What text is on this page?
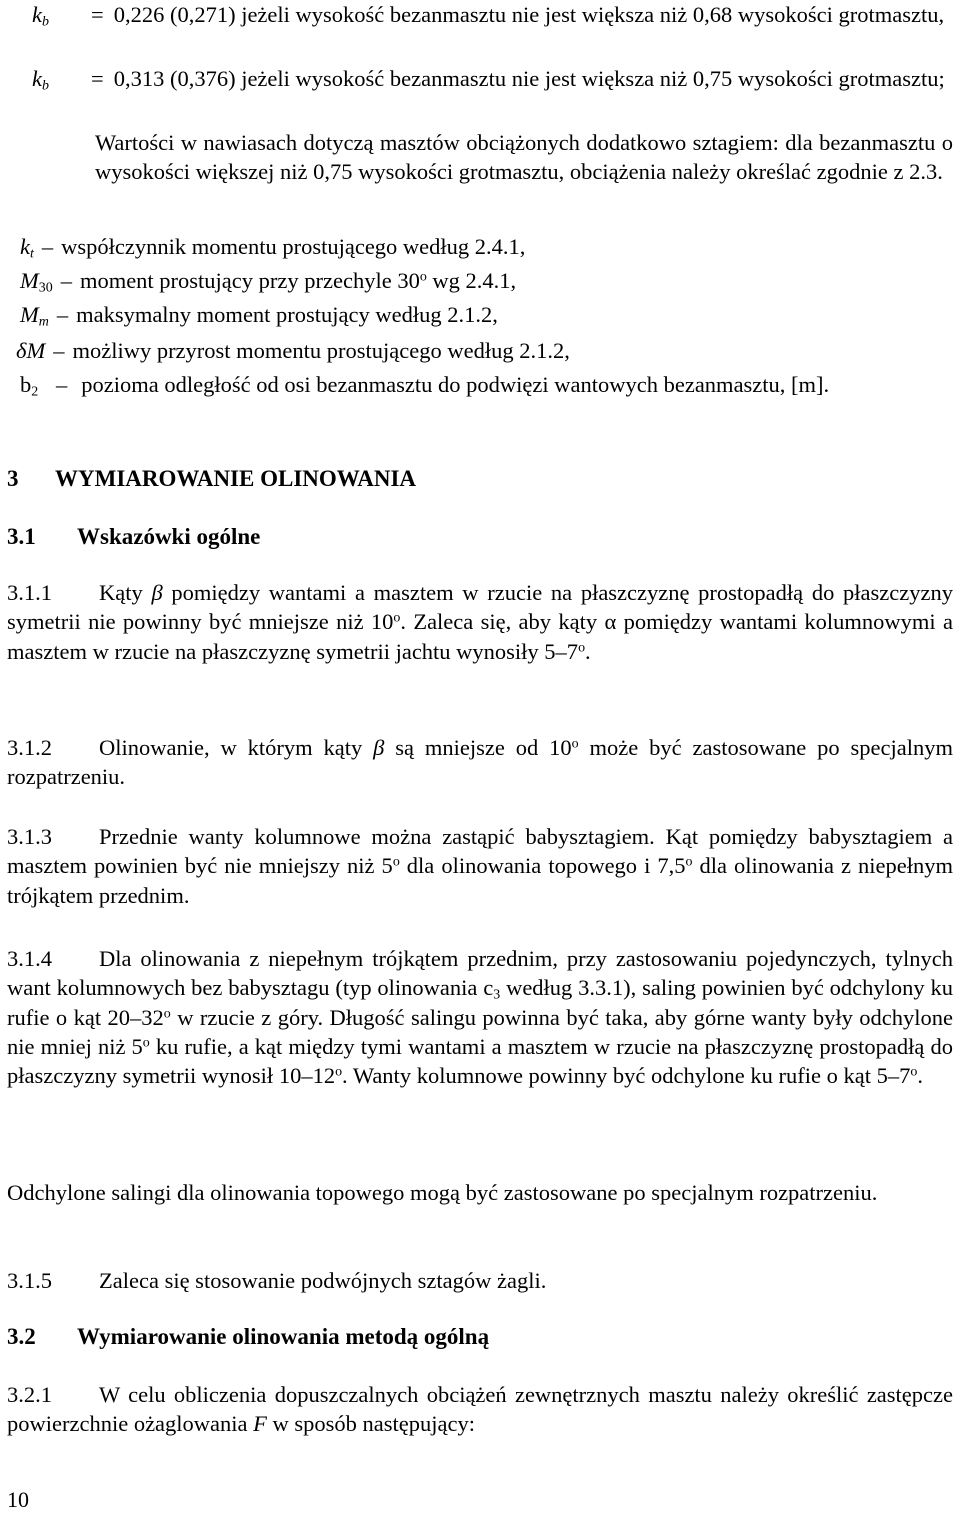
$k_b$	= 0,226 (0,271) jeżeli wysokość bezanmasztu nie jest większa niż 0,68 wysokości grotmasztu,
$k_b$	= 0,313 (0,376) jeżeli wysokość bezanmasztu nie jest większa niż 0,75 wysokości grotmasztu;
Wartości w nawiasach dotyczą masztów obciążonych dodatkowo sztagiem: dla bezanmasztu o wysokości większej niż 0,75 wysokości grotmasztu, obciążenia należy określać zgodnie z 2.3.
$k_t$ – współczynnik momentu prostującego według 2.4.1,
$M_{30}$ – moment prostujący przy przechyle 30$^o$ wg 2.4.1,
$M_m$ – maksymalny moment prostujący według 2.1.2,
δM – możliwy przyrost momentu prostującego według 2.1.2,
$b_2$ – pozioma odległość od osi bezanmasztu do podwięzi wantowych bezanmasztu, [m].
3 WYMIAROWANIE OLINOWANIA
3.1 Wskazówki ogólne
3.1.1 Kąty β pomiędzy wantami a masztem w rzucie na płaszczyznę prostopadłą do płaszczyzny symetrii nie powinny być mniejsze niż 10$^o$. Zaleca się, aby kąty α pomiędzy wantami kolumnowymi a masztem w rzucie na płaszczyznę symetrii jachtu wynosiły 5–7$^o$.
3.1.2 Olinowanie, w którym kąty β są mniejsze od 10$^o$ może być zastosowane po specjalnym rozpatrzeniu.
3.1.3 Przednie wanty kolumnowe można zastąpić babysztagiem. Kąt pomiędzy babysztagiem a masztem powinien być nie mniejszy niż 5$^o$ dla olinowania topowego i 7,5$^o$ dla olinowania z niepełnym trójkątem przednim.
3.1.4 Dla olinowania z niepełnym trójkątem przednim, przy zastosowaniu pojedynczych, tylnych want kolumnowych bez babysztagu (typ olinowania $c_3$ według 3.3.1), saling powinien być odchylony ku rufie o kąt 20–32$^o$ w rzucie z góry. Długość salingu powinna być taka, aby górne wanty były odchylone nie mniej niż 5$^o$ ku rufie, a kąt między tymi wantami a masztem w rzucie na płaszczyznę prostopadłą do płaszczyzny symetrii wynosił 10–12$^o$. Wanty kolumnowe powinny być odchylone ku rufie o kąt 5–7$^o$.
Odchylone salingi dla olinowania topowego mogą być zastosowane po specjalnym rozpatrzeniu.
3.1.5 Zaleca się stosowanie podwójnych sztagów żagli.
3.2 Wymiarowanie olinowania metodą ogólną
3.2.1 W celu obliczenia dopuszczalnych obciążeń zewnętrznych masztu należy określić zastępcze powierzchnie ożaglowania F w sposób następujący:
10
